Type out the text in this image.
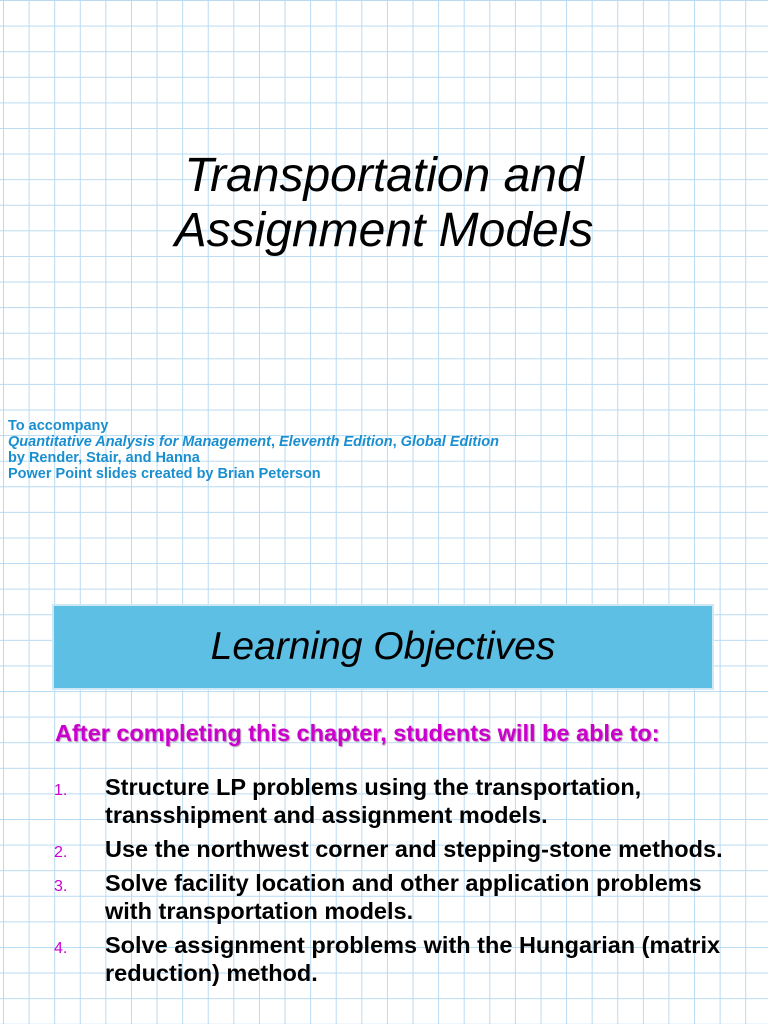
Transportation and
Assignment Models
To accompany
Quantitative Analysis for Management, Eleventh Edition, Global Edition
by Render, Stair, and Hanna
Power Point slides created by Brian Peterson
Learning Objectives
After completing this chapter, students will be able to:
1. Structure LP problems using the transportation, transshipment and assignment models.
2. Use the northwest corner and stepping-stone methods.
3. Solve facility location and other application problems with transportation models.
4. Solve assignment problems with the Hungarian (matrix reduction) method.
